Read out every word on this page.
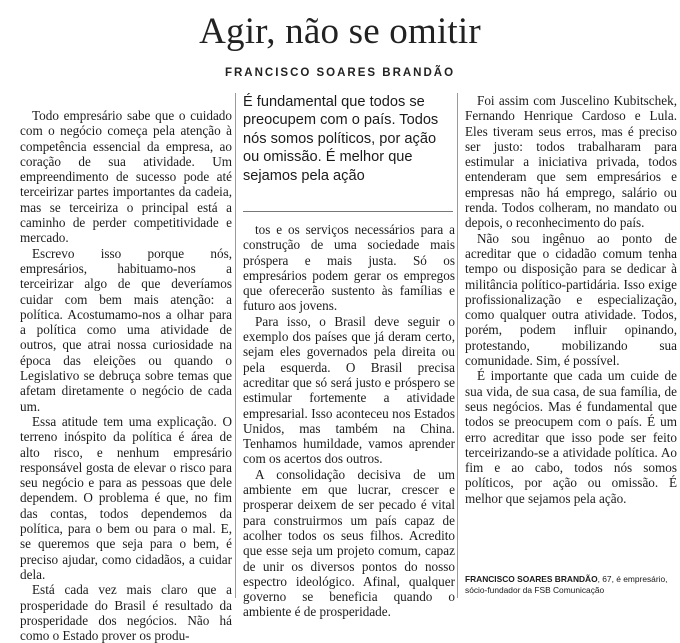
Agir, não se omitir
FRANCISCO SOARES BRANDÃO

Todo empresário sabe que o cuidado com o negócio começa pela atenção à competência essencial da empresa, ao coração de sua atividade. Um empreendimento de sucesso pode até terceirizar partes importantes da cadeia, mas se terceiriza o principal está a caminho de perder competitividade e mercado.

Escrevo isso porque nós, empresários, habituamo-nos a terceirizar algo de que deveríamos cuidar com bem mais atenção: a política. Acostumamo-nos a olhar para a política como uma atividade de outros, que atrai nossa curiosidade na época das eleições ou quando o Legislativo se debruça sobre temas que afetam diretamente o negócio de cada um.

Essa atitude tem uma explicação. O terreno inóspito da política é área de alto risco, e nenhum empresário responsável gosta de elevar o risco para seu negócio e para as pessoas que dele dependem. O problema é que, no fim das contas, todos dependemos da política, para o bem ou para o mal. E, se queremos que seja para o bem, é preciso ajudar, como cidadãos, a cuidar dela.

Está cada vez mais claro que a prosperidade do Brasil é resultado da prosperidade dos negócios. Não há como o Estado prover os produ-

É fundamental que todos se preocupem com o país. Todos nós somos políticos, por ação ou omissão. É melhor que sejamos pela ação

tos e os serviços necessários para a construção de uma sociedade mais próspera e mais justa. Só os empresários podem gerar os empregos que oferecerão sustento às famílias e futuro aos jovens.

Para isso, o Brasil deve seguir o exemplo dos países que já deram certo, sejam eles governados pela direita ou pela esquerda. O Brasil precisa acreditar que só será justo e próspero se estimular fortemente a atividade empresarial. Isso aconteceu nos Estados Unidos, mas também na China. Tenhamos humildade, vamos aprender com os acertos dos outros.

A consolidação decisiva de um ambiente em que lucrar, crescer e prosperar deixem de ser pecado é vital para construirmos um país capaz de acolher todos os seus filhos. Acredito que esse seja um projeto comum, capaz de unir os diversos pontos do nosso espectro ideológico. Afinal, qualquer governo se beneficia quando o ambiente é de prosperidade.

Foi assim com Juscelino Kubitschek, Fernando Henrique Cardoso e Lula. Eles tiveram seus erros, mas é preciso ser justo: todos trabalharam para estimular a iniciativa privada, todos entenderam que sem empresários e empresas não há emprego, salário ou renda. Todos colheram, no mandato ou depois, o reconhecimento do país.

Não sou ingênuo ao ponto de acreditar que o cidadão comum tenha tempo ou disposição para se dedicar à militância político-partidária. Isso exige profissionalização e especialização, como qualquer outra atividade. Todos, porém, podem influir opinando, protestando, mobilizando sua comunidade. Sim, é possível.

É importante que cada um cuide de sua vida, de sua casa, de sua família, de seus negócios. Mas é fundamental que todos se preocupem com o país. É um erro acreditar que isso pode ser feito terceirizando-se a atividade política. Ao fim e ao cabo, todos nós somos políticos, por ação ou omissão. É melhor que sejamos pela ação.

FRANCISCO SOARES BRANDÃO, 67, é empresário, sócio-fundador da FSB Comunicação
